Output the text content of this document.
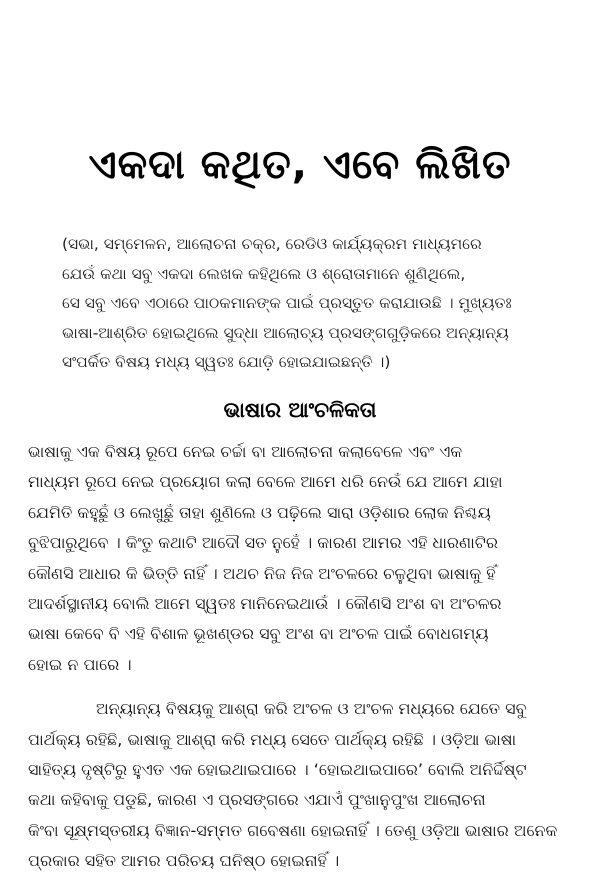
ଏକଦା କଥିତ, ଏବେ ଲିଖିତ
(ସଭା, ସମ୍ମେଳନ, ଆଲୋଚନା ଚକ୍ର, ରେଡିଓ କାର୍ଯ୍ୟକ୍ରମ ମାଧ୍ୟମରେ
ଯେଉଁ କଥା ସବୁ ଏକଦା ଲେଖକ କହିଥିଲେ ଓ ଶ୍ରୋତାମାନେ ଶୁଣିଥିଲେ,
ସେ ସବୁ ଏବେ ଏଠାରେ ପାଠକମାନଙ୍କ ପାଇଁ ପ୍ରସ୍ତୁତ କରାଯାଉଛି । ମୁଖ୍ୟତଃ
ଭାଷା-ଆଶ୍ରିତ ହୋଇଥିଲେ ସୁଦ୍ଧା ଆଲୋଚ୍ୟ ପ୍ରସଙ୍ଗଗୁଡ଼ିକରେ ଅନ୍ୟାନ୍ୟ
ସଂପର୍କିତ ବିଷୟ ମଧ୍ୟ ସ୍ୱତଃ ଯୋଡ଼ି ହୋଇଯାଇଛନ୍ତି ।)
ଭାଷାର ଆଂଚଳିକତା
ଭାଷାକୁ ଏକ ବିଷୟ ରୂପେ ନେଇ ଚର୍ଚ୍ଚା ବା ଆଲୋଚନା କଲାବେଳେ ଏବଂ ଏକ
ମାଧ୍ୟମ ରୂପେ ନେଇ ପ୍ରୟୋଗ କଲା ବେଳେ ଆମେ ଧରି ନେଉଁ ଯେ ଆମେ ଯାହା
ଯେମିତି କହୁଛୁଁ ଓ ଲେଖୁଛୁଁ ତାହା ଶୁଣିଲେ ଓ ପଢ଼ିଲେ ସାରା ଓଡ଼ିଶାର ଲୋକ ନିଶ୍ଚୟ
ବୁଝିପାରୁଥିବେ । କିଂତୁ କଥାଟି ଆଦୌ ସତ ନୁହେଁ । କାରଣ ଆମର ଏହି ଧାରଣାଟିର
କୌଣସି ଆଧାର କି ଭିତ୍ତି ନାହିଁ । ଅଥଚ ନିଜ ନିଜ ଅଂଚଳରେ ଚଳୁଥିବା ଭାଷାକୁ ହିଁ
ଆଦର୍ଶସ୍ଥାନୀୟ ବୋଲି ଆମେ ସ୍ୱତଃ ମାନିନେଇଥାଉଁ । କୌଣସି ଅଂଶ ବା ଅଂଚଳର
ଭାଷା କେବେ ବି ଏହି ବିଶାଳ ଭୂଖଣ୍ଡର ସବୁ ଅଂଶ ବା ଅଂଚଳ ପାଇଁ ବୋଧଗମ୍ୟ
ହୋଇ ନ ପାରେ ।
ଅନ୍ୟାନ୍ୟ ବିଷୟକୁ ଆଶ୍ରା କରି ଅଂଚଳ ଓ ଅଂଚଳ ମଧ୍ୟରେ ଯେତେ ସବୁ
ପାର୍ଥକ୍ୟ ରହିଛି, ଭାଷାକୁ ଆଶ୍ରା କରି ମଧ୍ୟ ସେତେ ପାର୍ଥକ୍ୟ ରହିଛି । ଓଡ଼ିଆ ଭାଷା
ସାହିତ୍ୟ ଦୃଷ୍ଟିରୁ ହୁଏତ ଏକ ହୋଇଥାଇପାରେ । ‘ହୋଇଥାଇପାରେ’ ବୋଲି ଅନିର୍ଦ୍ଦିଷ୍ଟ
କଥା କହିବାକୁ ପଡୁଛି, କାରଣ ଏ ପ୍ରସଙ୍ଗରେ ଏଯାଏଁ ପୁଂଖାନୁପୁଂଖ ଆଲୋଚନା
କିଂବା ସୂକ୍ଷ୍ମସ୍ତରୀୟ ବିଜ୍ଞାନ-ସମ୍ମତ ଗବେଷଣା ହୋଇନାହିଁ । ତେଣୁ ଓଡ଼ିଆ ଭାଷାର ଅନେକ
ପ୍ରକାର ସହିତ ଆମର ପରିଚୟ ଘନିଷ୍ଠ ହୋଇନାହିଁ ।
